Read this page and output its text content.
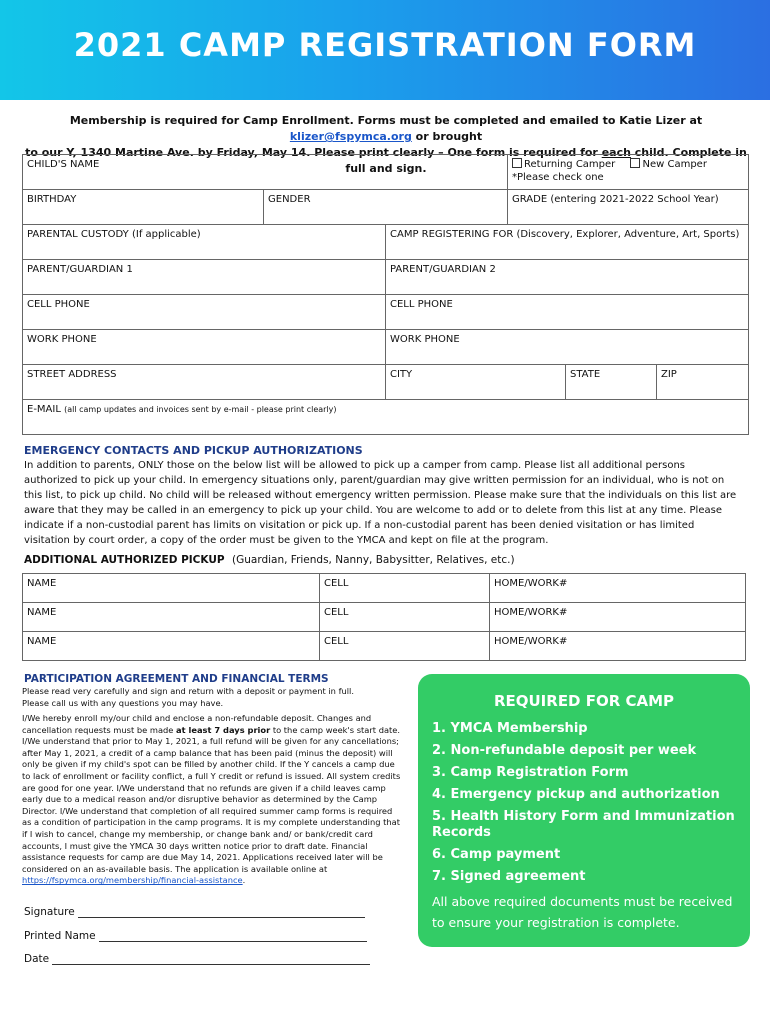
2021 CAMP REGISTRATION FORM
Membership is required for Camp Enrollment. Forms must be completed and emailed to Katie Lizer at klizer@fspymca.org or brought
to our Y, 1340 Martine Ave. by Friday, May 14. Please print clearly – One form is required for each child. Complete in full and sign.
CHILD'S NAME	Returning Camper	New Camper
*Please check one
BIRTHDAY	GENDER	GRADE (entering 2021-2022 School Year)
PARENTAL CUSTODY (If applicable)	CAMP REGISTERING FOR (Discovery, Explorer, Adventure, Art, Sports)
PARENT/GUARDIAN 1	PARENT/GUARDIAN 2
CELL PHONE	CELL PHONE
WORK PHONE	WORK PHONE
STREET ADDRESS	CITY	STATE	ZIP
E-MAIL (all camp updates and invoices sent by e-mail - please print clearly)
EMERGENCY CONTACTS AND PICKUP AUTHORIZATIONS
In addition to parents, ONLY those on the below list will be allowed to pick up a camper from camp. Please list all additional persons
authorized to pick up your child. In emergency situations only, parent/guardian may give written permission for an individual, who is not on
this list, to pick up child. No child will be released without emergency written permission. Please make sure that the individuals on this list are
aware that they may be called in an emergency to pick up your child. You are welcome to add or to delete from this list at any time. Please
indicate if a non-custodial parent has limits on visitation or pick up. If a non-custodial parent has been denied visitation or has limited
visitation by court order, a copy of the order must be given to the YMCA and kept on file at the program.
ADDITIONAL AUTHORIZED PICKUP (Guardian, Friends, Nanny, Babysitter, Relatives, etc.)
NAME	CELL	HOME/WORK#
NAME	CELL	HOME/WORK#
NAME	CELL	HOME/WORK#
PARTICIPATION AGREEMENT AND FINANCIAL TERMS
Please read very carefully and sign and return with a deposit or payment in full.
Please call us with any questions you may have.
I/We hereby enroll my/our child and enclose a non-refundable deposit. Changes and cancellation requests must be made at least 7 days prior to the camp week's start date. I/We understand that prior to May 1, 2021, a full refund will be given for any cancellations; after May 1, 2021, a credit of a camp balance that has been paid (minus the deposit) will only be given if my child's spot can be filled by another child. If the Y cancels a camp due to lack of enrollment or facility conflict, a full Y credit or refund is issued. All system credits are good for one year. I/We understand that no refunds are given if a child leaves camp early due to a medical reason and/or disruptive behavior as determined by the Camp Director. I/We understand that completion of all required summer camp forms is required as a condition of participation in the camp programs. It is my complete understanding that if I wish to cancel, change my membership, or change bank and/ or bank/credit card accounts, I must give the YMCA 30 days written notice prior to draft date. Financial assistance requests for camp are due May 14, 2021. Applications received later will be considered on an as-available basis. The application is available online at https://fspymca.org/membership/financial-assistance.
Signature
Printed Name
Date
REQUIRED FOR CAMP
1. YMCA Membership
2. Non-refundable deposit per week
3. Camp Registration Form
4. Emergency pickup and authorization
5. Health History Form and Immunization Records
6. Camp payment
7. Signed agreement
All above required documents must be received to ensure your registration is complete.
